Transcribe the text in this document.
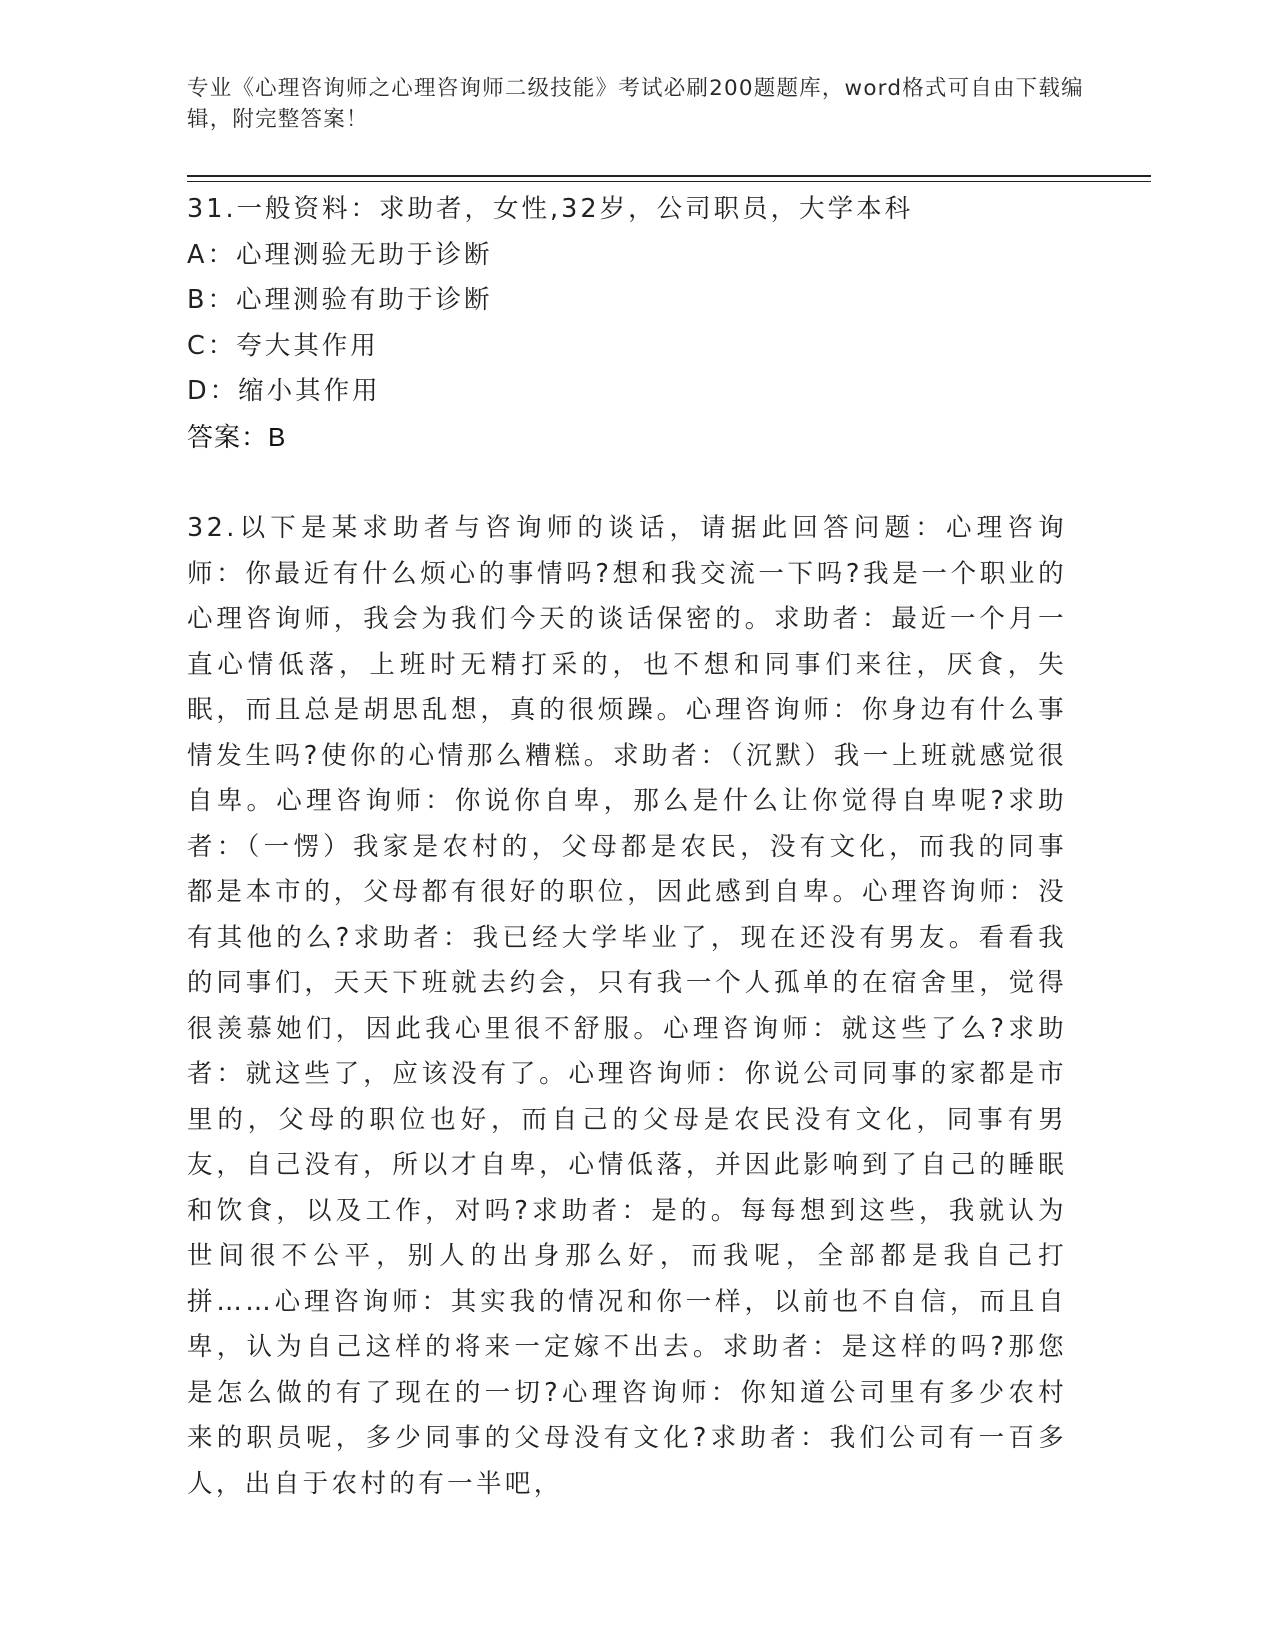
专业《心理咨询师之心理咨询师二级技能》考试必刷200题题库，word格式可自由下载编辑，附完整答案！
31.一般资料：求助者，女性,32岁，公司职员，大学本科
A：心理测验无助于诊断
B：心理测验有助于诊断
C：夸大其作用
D：缩小其作用
答案：B
32.以下是某求助者与咨询师的谈话，请据此回答问题：心理咨询师：你最近有什么烦心的事情吗?想和我交流一下吗?我是一个职业的心理咨询师，我会为我们今天的谈话保密的。求助者：最近一个月一直心情低落，上班时无精打采的，也不想和同事们来往，厌食，失眠，而且总是胡思乱想，真的很烦躁。心理咨询师：你身边有什么事情发生吗?使你的心情那么糟糕。求助者：（沉默）我一上班就感觉很自卑。心理咨询师：你说你自卑，那么是什么让你觉得自卑呢?求助者：（一愣）我家是农村的，父母都是农民，没有文化，而我的同事都是本市的，父母都有很好的职位，因此感到自卑。心理咨询师：没有其他的么?求助者：我已经大学毕业了，现在还没有男友。看看我的同事们，天天下班就去约会，只有我一个人孤单的在宿舍里，觉得很羡慕她们，因此我心里很不舒服。心理咨询师：就这些了么?求助者：就这些了，应该没有了。心理咨询师：你说公司同事的家都是市里的，父母的职位也好，而自己的父母是农民没有文化，同事有男友，自己没有，所以才自卑，心情低落，并因此影响到了自己的睡眠和饮食，以及工作，对吗?求助者：是的。每每想到这些，我就认为世间很不公平，别人的出身那么好，而我呢，全部都是我自己打拼……心理咨询师：其实我的情况和你一样，以前也不自信，而且自卑，认为自己这样的将来一定嫁不出去。求助者：是这样的吗?那您是怎么做的有了现在的一切?心理咨询师：你知道公司里有多少农村来的职员呢，多少同事的父母没有文化?求助者：我们公司有一百多人，出自于农村的有一半吧，
